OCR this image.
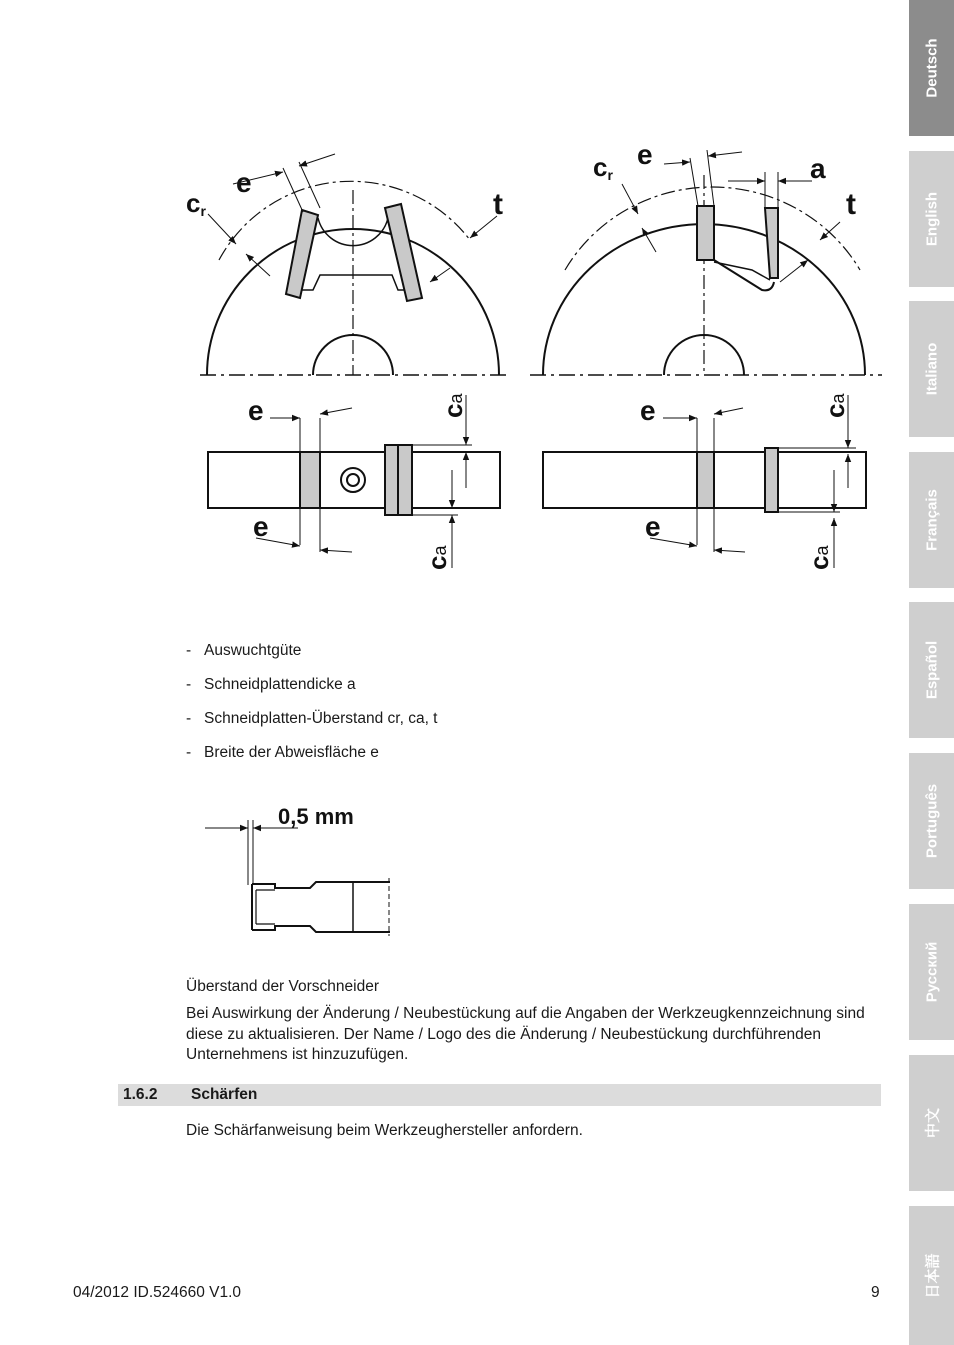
Deutsch
English
Italiano
Français
Español
Português
Русский
中文
日本語
cr
e
t
cr
e	a
t
e
e
ca
ca
e
e
ca
ca
- Auswuchtgüte
- Schneidplattendicke a
- Schneidplatten-Überstand cr, ca, t
- Breite der Abweisfläche e
0,5 mm
Überstand der Vorschneider
Bei Auswirkung der Änderung / Neubestückung auf die Angaben der Werkzeugkennzeichnung sind diese zu aktualisieren. Der Name / Logo des die Änderung / Neubestückung durchführenden Unternehmens ist hinzuzufügen.
1.6.2 Schärfen
Die Schärfanweisung beim Werkzeughersteller anfordern.
04/2012 ID.524660 V1.0	9
